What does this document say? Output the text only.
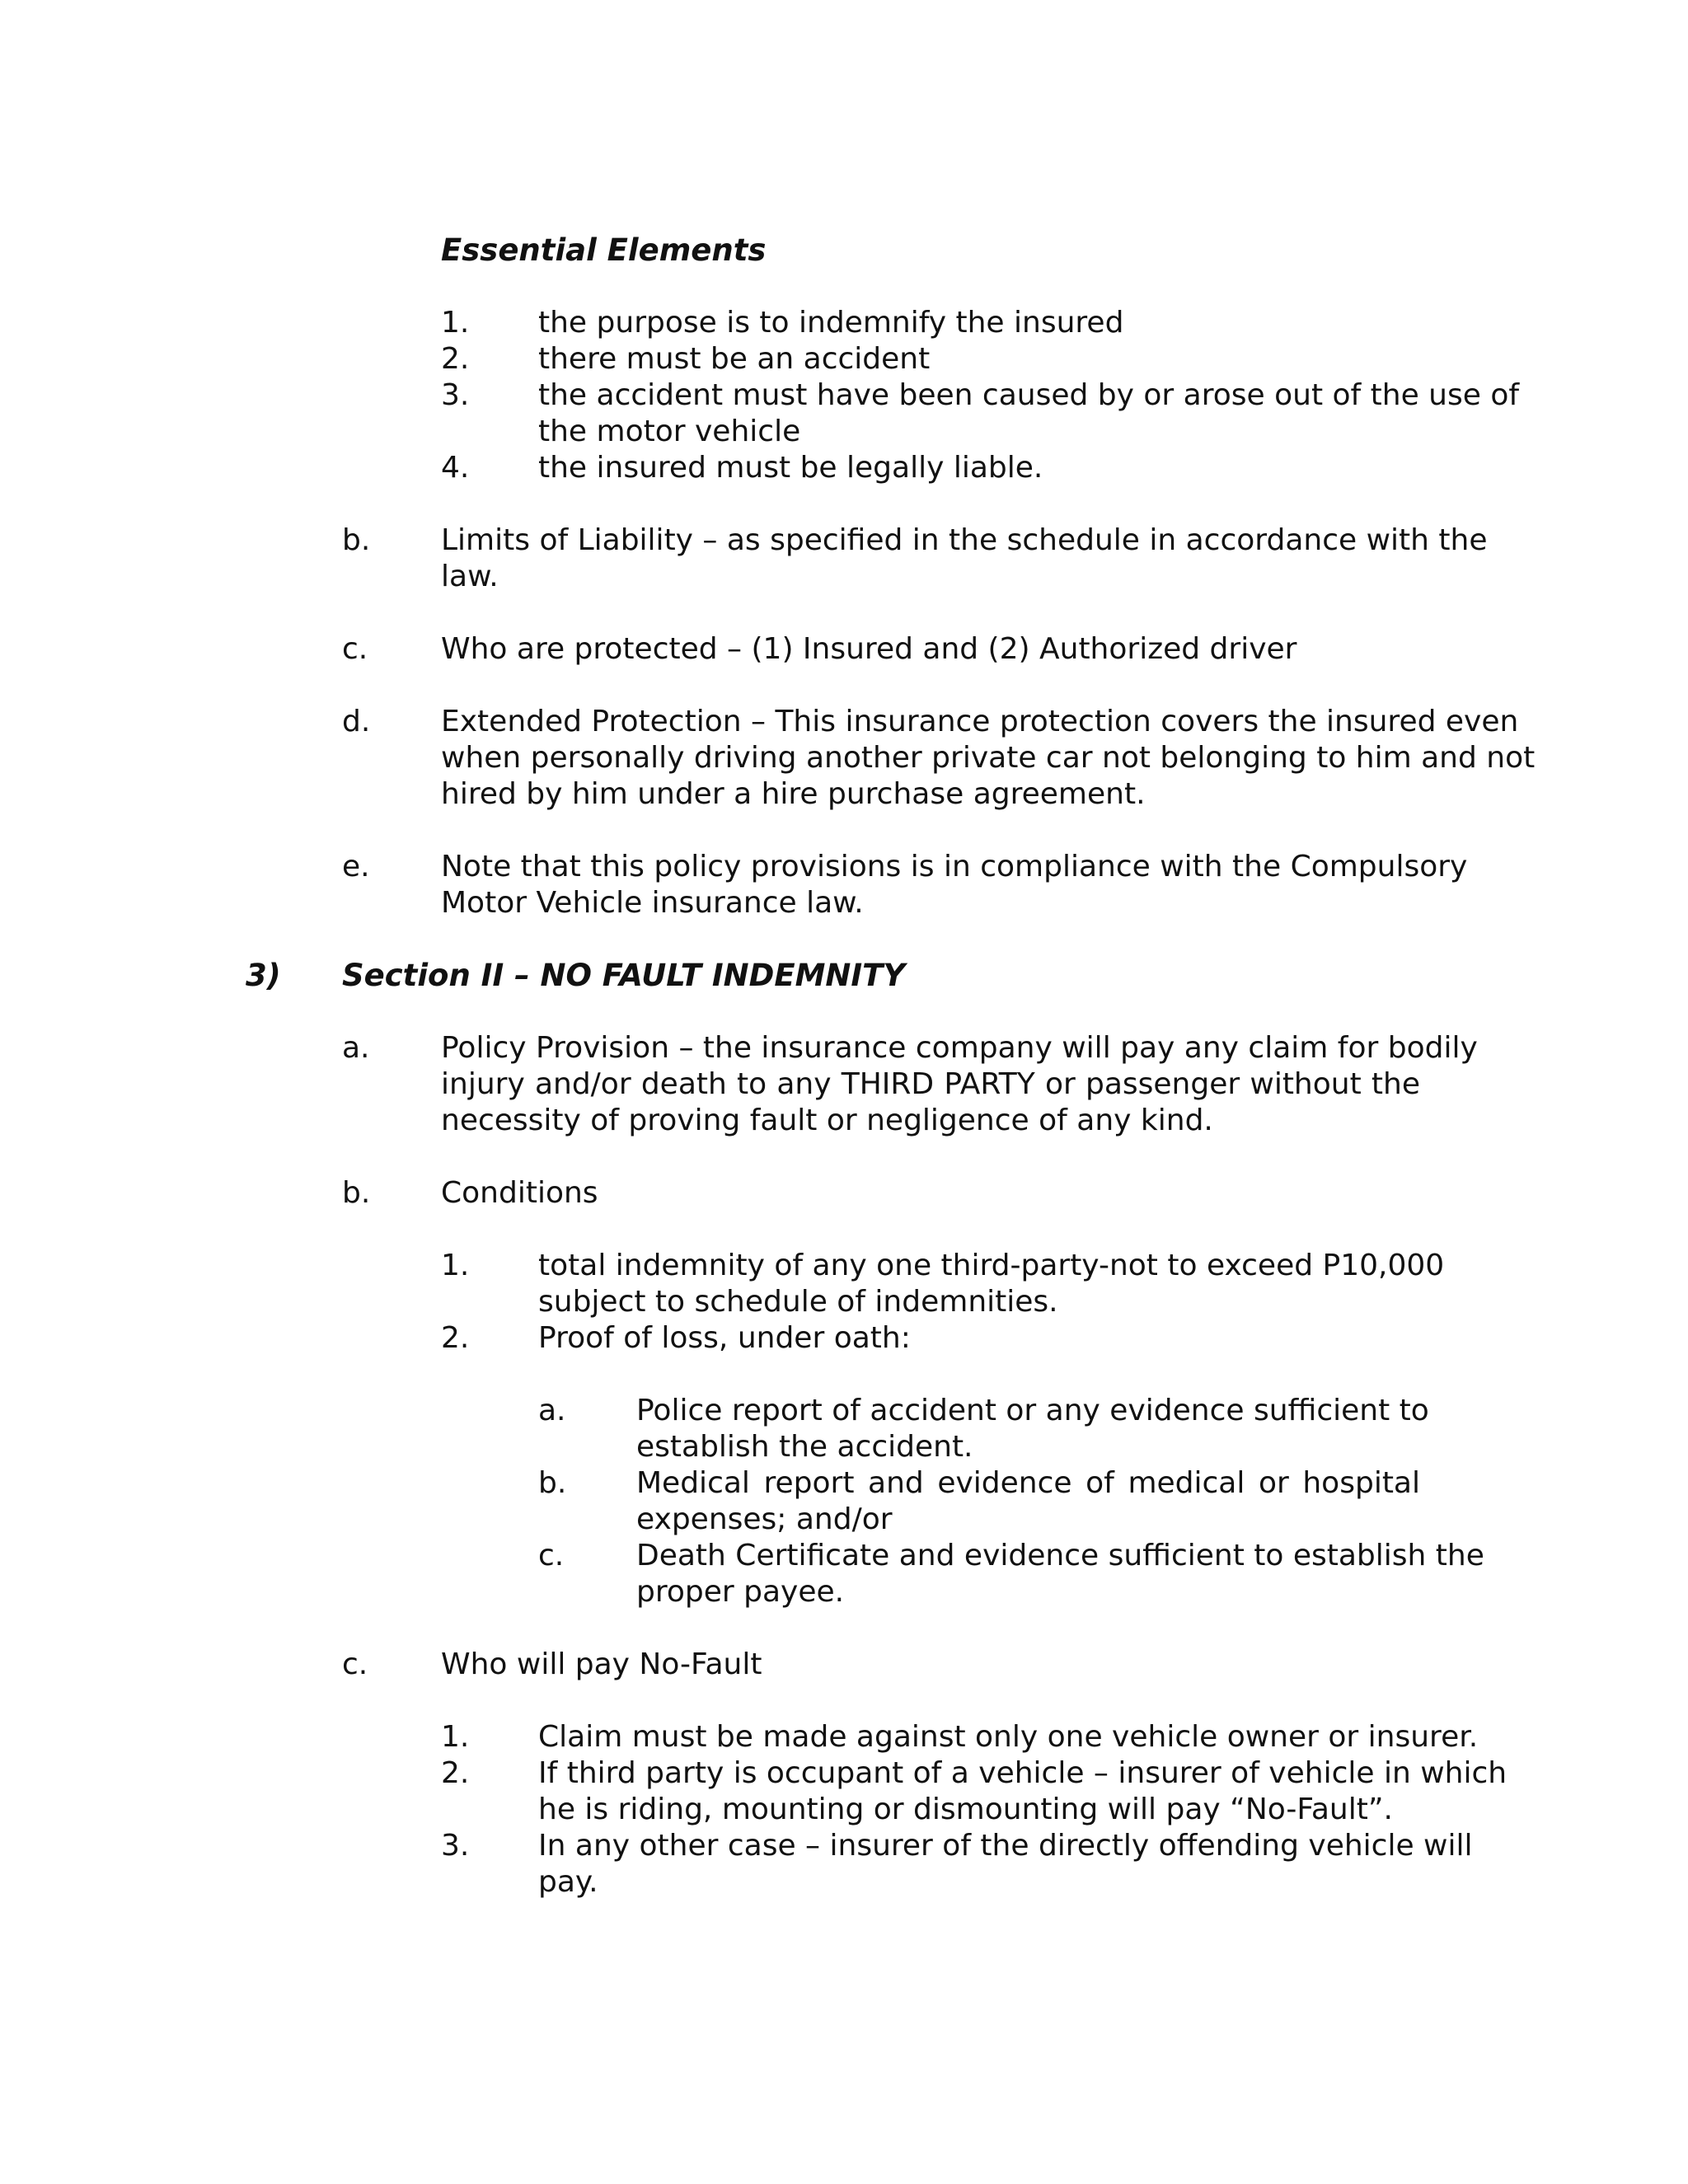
Essential Elements
1. the purpose is to indemnify the insured
2. there must be an accident
3. the accident must have been caused by or arose out of the use of
the motor vehicle
4. the insured must be legally liable.
b. Limits of Liability – as specified in the schedule in accordance with the
law.
c. Who are protected – (1) Insured and (2) Authorized driver
d. Extended Protection – This insurance protection covers the insured even
when personally driving another private car not belonging to him and not
hired by him under a hire purchase agreement.
e. Note that this policy provisions is in compliance with the Compulsory
Motor Vehicle insurance law.
3) Section II – NO FAULT INDEMNITY
a. Policy Provision – the insurance company will pay any claim for bodily
injury and/or death to any THIRD PARTY or passenger without the
necessity of proving fault or negligence of any kind.
b. Conditions
1. total indemnity of any one third-party-not to exceed P10,000
subject to schedule of indemnities.
2. Proof of loss, under oath:
a. Police report of accident or any evidence sufficient to
establish the accident.
b. Medical report and evidence of medical or hospital
expenses; and/or
c. Death Certificate and evidence sufficient to establish the
proper payee.
c. Who will pay No-Fault
1. Claim must be made against only one vehicle owner or insurer.
2. If third party is occupant of a vehicle – insurer of vehicle in which
he is riding, mounting or dismounting will pay “No-Fault”.
3. In any other case – insurer of the directly offending vehicle will
pay.
